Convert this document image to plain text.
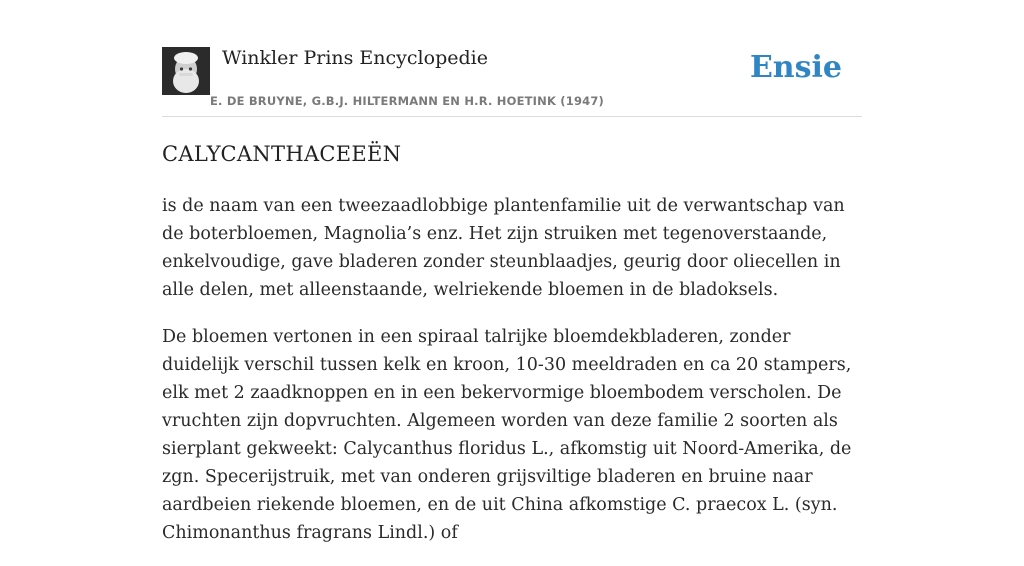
Winkler Prins Encyclopedie
E. DE BRUYNE, G.B.J. HILTERMANN EN H.R. HOETINK (1947)
Ensie
CALYCANTHACEEËN

is de naam van een tweezaadlobbige plantenfamilie uit de verwantschap van de boterbloemen, Magnolia’s enz. Het zijn struiken met tegenoverstaande, enkelvoudige, gave bladeren zonder steunblaadjes, geurig door oliecellen in alle delen, met alleenstaande, welriekende bloemen in de bladoksels.

De bloemen vertonen in een spiraal talrijke bloemdekbladeren, zonder duidelijk verschil tussen kelk en kroon, 10-30 meeldraden en ca 20 stampers, elk met 2 zaadknoppen en in een bekervormige bloembodem verscholen. De vruchten zijn dopvruchten. Algemeen worden van deze familie 2 soorten als sierplant gekweekt: Calycanthus floridus L., afkomstig uit Noord-Amerika, de zgn. Specerijstruik, met van onderen grijsviltige bladeren en bruine naar aardbeien riekende bloemen, en de uit China afkomstige C. praecox L. (syn. Chimonanthus fragrans Lindl.) of
